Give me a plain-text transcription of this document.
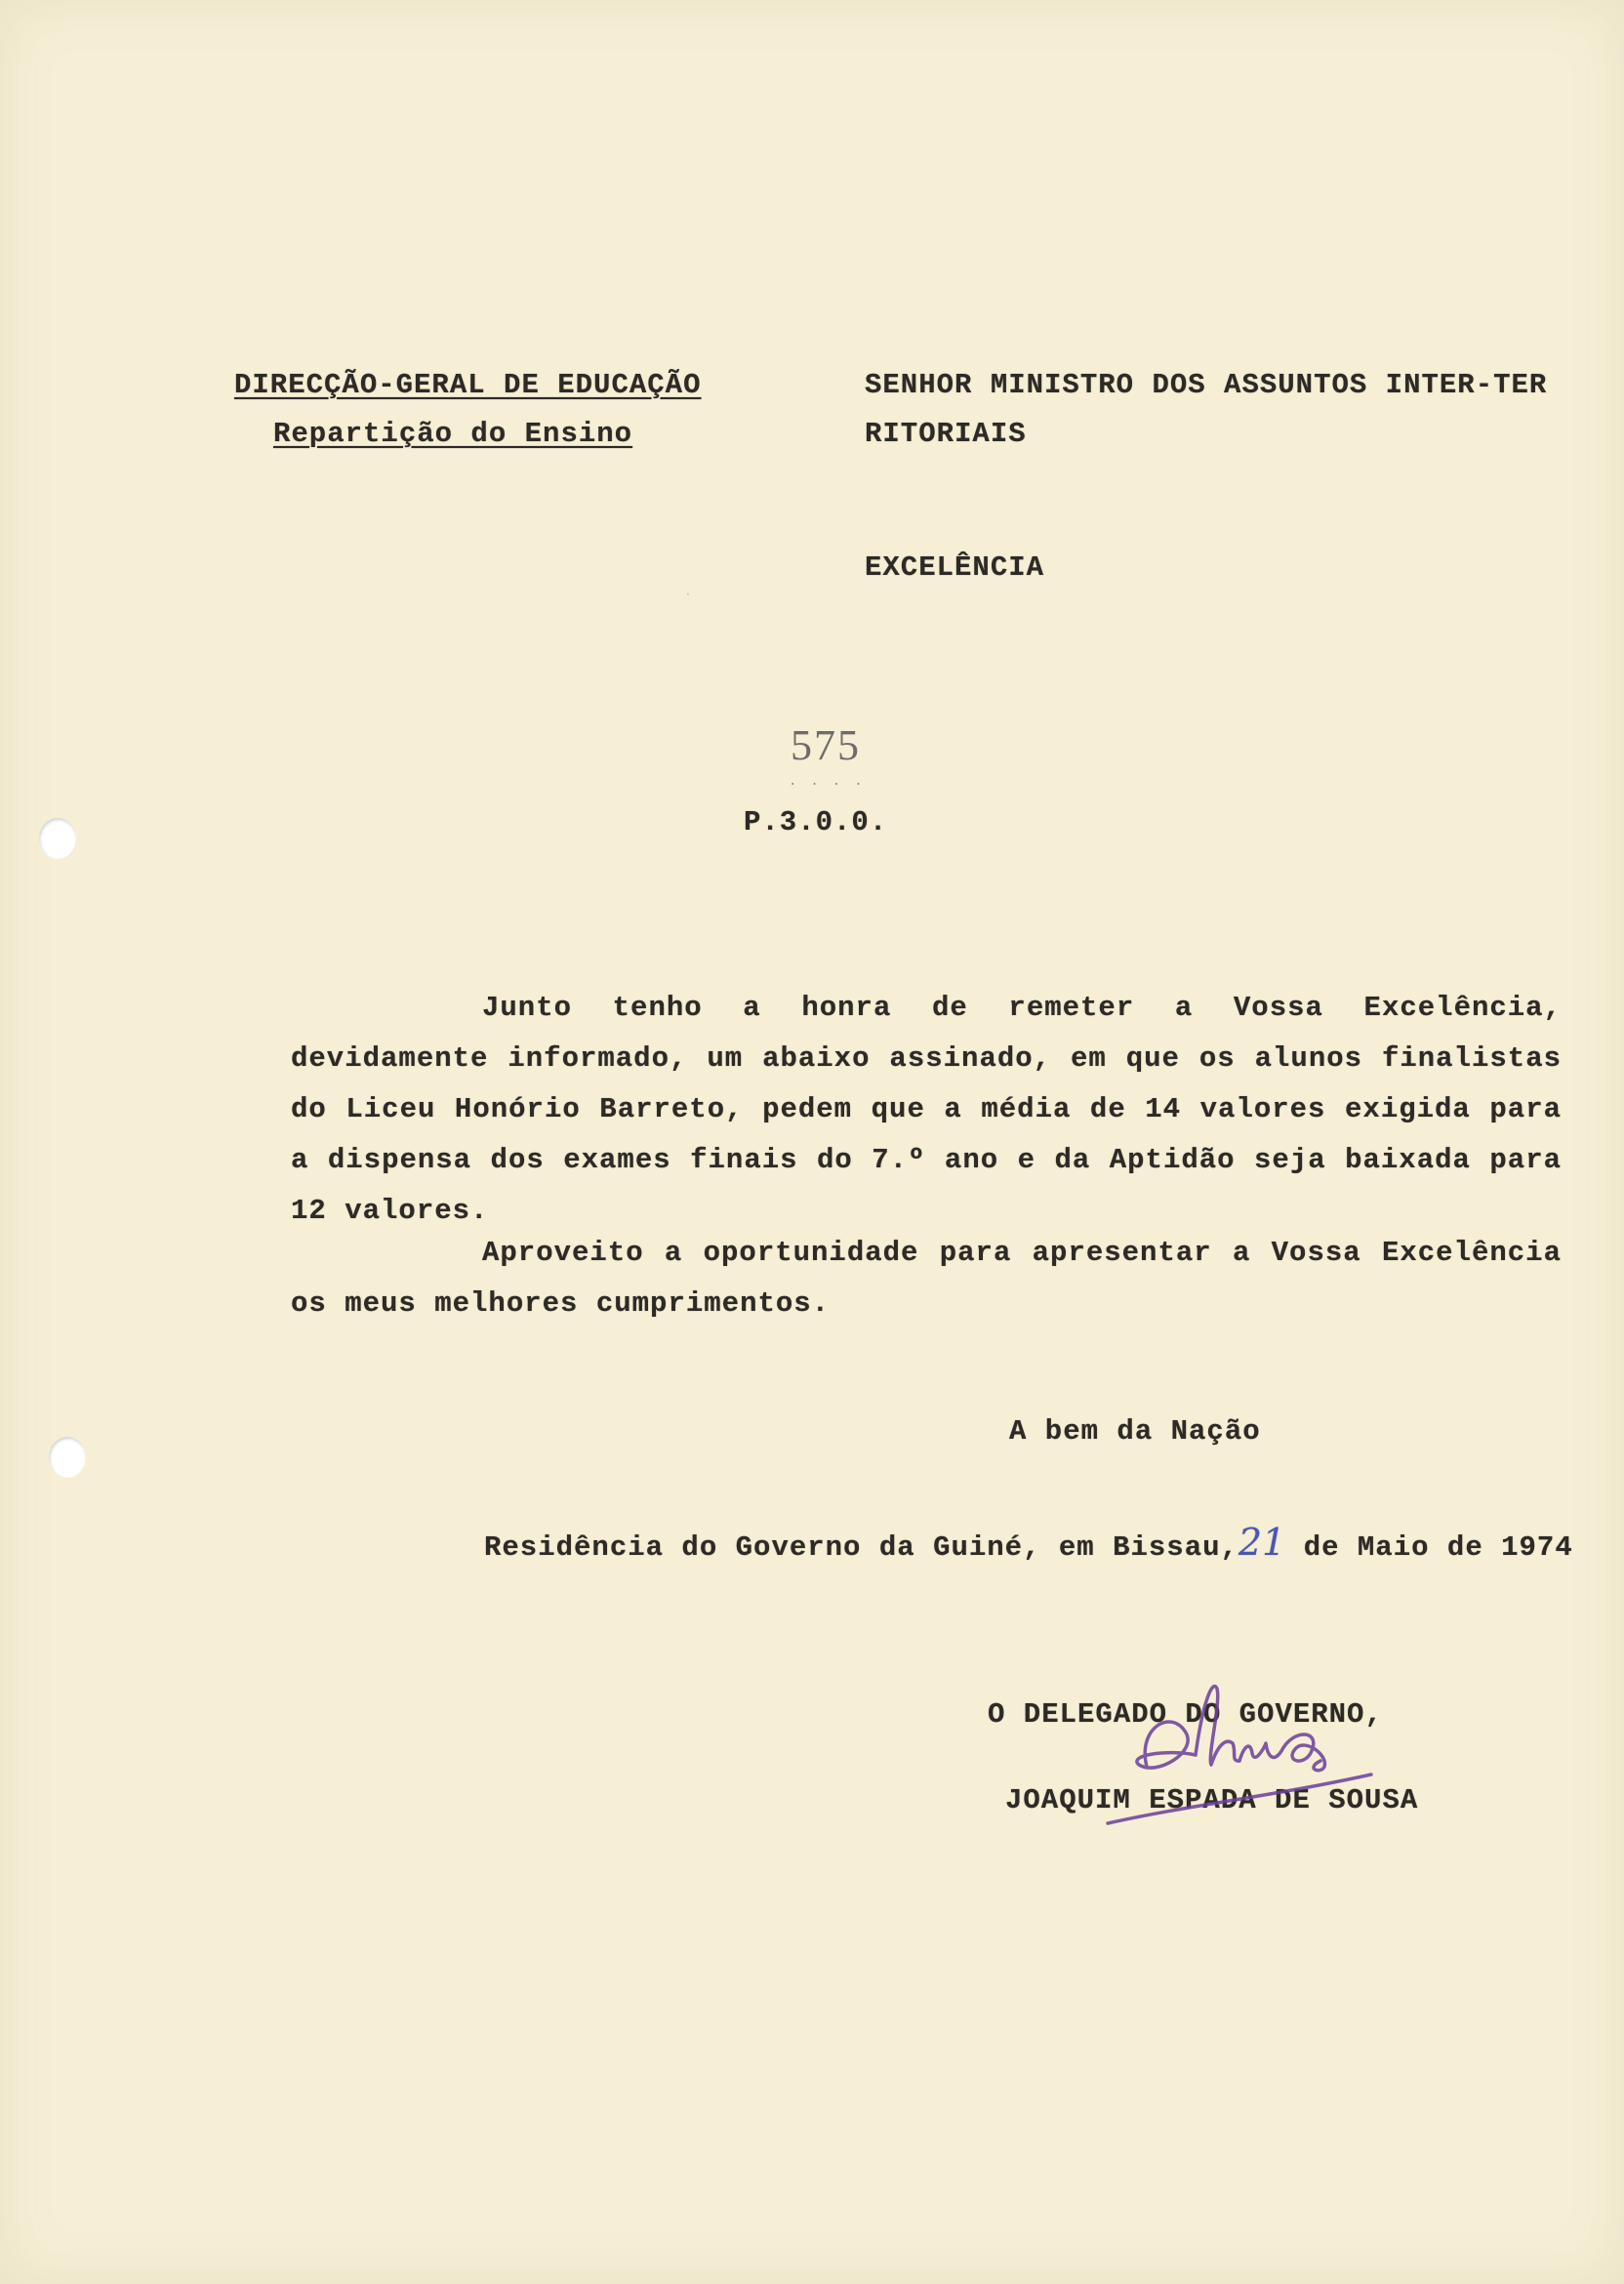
DIRECÇÃO-GERAL DE EDUCAÇÃO
Repartição do Ensino
SENHOR MINISTRO DOS ASSUNTOS INTER-TER
RITORIAIS
EXCELÊNCIA
575
····
P.3.0.0.
Junto tenho a honra de remeter a Vossa Excelência, devidamente informado, um abaixo assinado, em que os alunos finalistas do Liceu Honório Barreto, pedem que a média de 14 valores exigida para a dispensa dos exames finais do 7.º ano e da Aptidão seja baixada para 12 valores.
Aproveito a oportunidade para apresentar a Vossa Excelência os meus melhores cumprimentos.
A bem da Nação
Residência do Governo da Guiné, em Bissau,21 de Maio de 1974
O DELEGADO DO GOVERNO,
JOAQUIM ESPADA DE SOUSA
·
